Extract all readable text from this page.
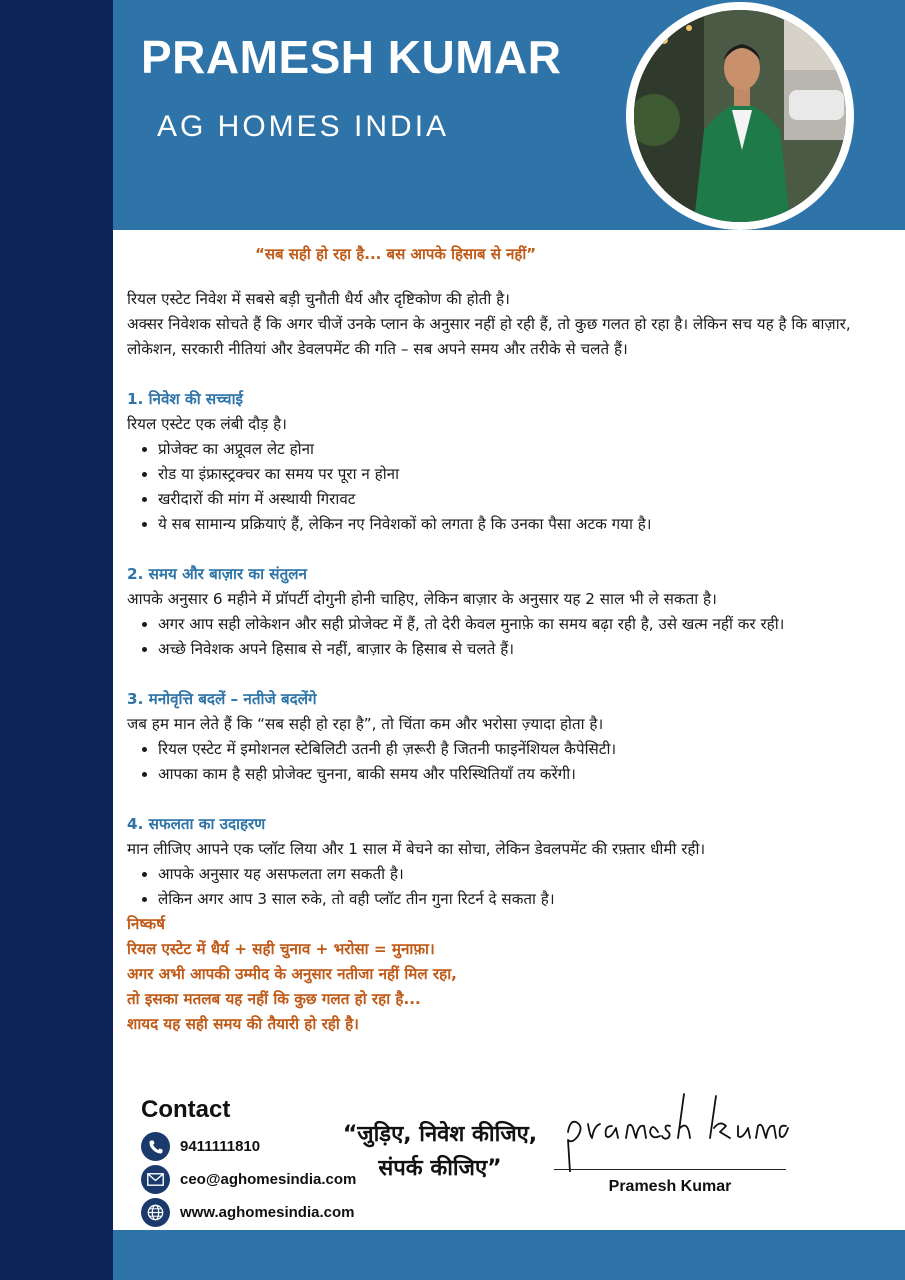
PRAMESH KUMAR
AG HOMES INDIA

“सब सही हो रहा है... बस आपके हिसाब से नहीं”

रियल एस्टेट निवेश में सबसे बड़ी चुनौती धैर्य और दृष्टिकोण की होती है।

अक्सर निवेशक सोचते हैं कि अगर चीजें उनके प्लान के अनुसार नहीं हो रही हैं, तो कुछ गलत हो रहा है। लेकिन सच यह है कि बाज़ार, लोकेशन, सरकारी नीतियां और डेवलपमेंट की गति – सब अपने समय और तरीके से चलते हैं।

1. निवेश की सच्चाई

रियल एस्टेट एक लंबी दौड़ है।

• प्रोजेक्ट का अप्रूवल लेट होना
• रोड या इंफ्रास्ट्रक्चर का समय पर पूरा न होना
• खरीदारों की मांग में अस्थायी गिरावट
• ये सब सामान्य प्रक्रियाएं हैं, लेकिन नए निवेशकों को लगता है कि उनका पैसा अटक गया है।

2. समय और बाज़ार का संतुलन

आपके अनुसार 6 महीने में प्रॉपर्टी दोगुनी होनी चाहिए, लेकिन बाज़ार के अनुसार यह 2 साल भी ले सकता है।

• अगर आप सही लोकेशन और सही प्रोजेक्ट में हैं, तो देरी केवल मुनाफ़े का समय बढ़ा रही है, उसे खत्म नहीं कर रही।
• अच्छे निवेशक अपने हिसाब से नहीं, बाज़ार के हिसाब से चलते हैं।

3. मनोवृत्ति बदलें – नतीजे बदलेंगे

जब हम मान लेते हैं कि “सब सही हो रहा है”, तो चिंता कम और भरोसा ज़्यादा होता है।

• रियल एस्टेट में इमोशनल स्टेबिलिटी उतनी ही ज़रूरी है जितनी फाइनेंशियल कैपेसिटी।
• आपका काम है सही प्रोजेक्ट चुनना, बाकी समय और परिस्थितियाँ तय करेंगी।

4. सफलता का उदाहरण

मान लीजिए आपने एक प्लॉट लिया और 1 साल में बेचने का सोचा, लेकिन डेवलपमेंट की रफ़्तार धीमी रही।

• आपके अनुसार यह असफलता लग सकती है।
• लेकिन अगर आप 3 साल रुके, तो वही प्लॉट तीन गुना रिटर्न दे सकता है।

निष्कर्ष

रियल एस्टेट में धैर्य + सही चुनाव + भरोसा = मुनाफ़ा।

अगर अभी आपकी उम्मीद के अनुसार नतीजा नहीं मिल रहा,

तो इसका मतलब यह नहीं कि कुछ गलत हो रहा है...

शायद यह सही समय की तैयारी हो रही है।

Contact

9411111810
ceo@aghomesindia.com
www.aghomesindia.com
“जुड़िए, निवेश कीजिए,
संपर्क कीजिए”
Pramesh Kumar
